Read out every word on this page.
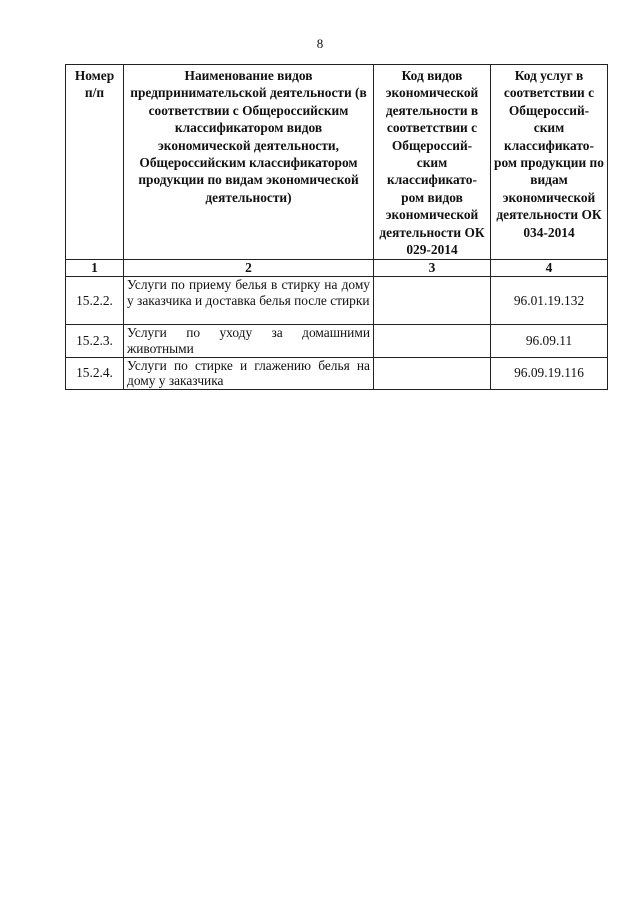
8
Номер п/п	Наименование видов предпринимательской деятельности (в соответствии с Общероссийским классификатором видов экономической деятельности, Общероссийским классификатором продукции по видам экономической деятельности)	Код видов экономической деятельности в соответствии с Общероссий- ским классификато- ром видов экономической деятельности ОК 029-2014	Код услуг в соответствии с Общероссий- ским классификато- ром продукции по видам экономической деятельности ОК 034-2014
1	2	3	4
15.2.2.	Услуги по приему белья в стирку на дому у заказчика и доставка белья после стирки		96.01.19.132
15.2.3.	Услуги по уходу за домашними животными		96.09.11
15.2.4.	Услуги по стирке и глажению белья на дому у заказчика		96.09.19.116
